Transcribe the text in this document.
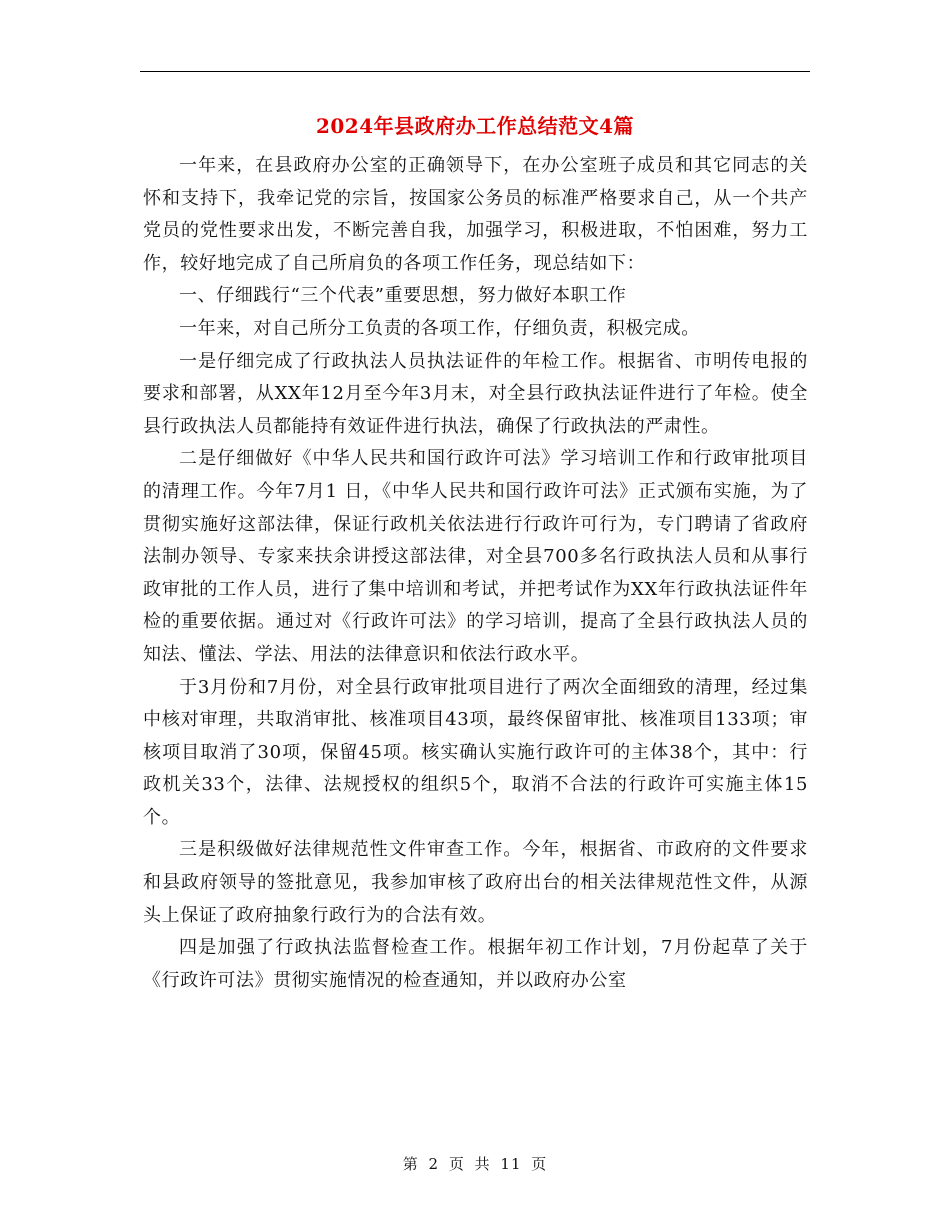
2024年县政府办工作总结范文4篇

一年来，在县政府办公室的正确领导下，在办公室班子成员和其它同志的关怀和支持下，我牵记党的宗旨，按国家公务员的标准严格要求自己，从一个共产党员的党性要求出发，不断完善自我，加强学习，积极进取，不怕困难，努力工作，较好地完成了自己所肩负的各项工作任务，现总结如下：

一、仔细践行“三个代表”重要思想，努力做好本职工作

一年来，对自己所分工负责的各项工作，仔细负责，积极完成。

一是仔细完成了行政执法人员执法证件的年检工作。根据省、市明传电报的要求和部署，从XX年12月至今年3月末，对全县行政执法证件进行了年检。使全县行政执法人员都能持有效证件进行执法，确保了行政执法的严肃性。

二是仔细做好《中华人民共和国行政许可法》学习培训工作和行政审批项目的清理工作。今年7月1 日，《中华人民共和国行政许可法》正式颁布实施，为了贯彻实施好这部法律，保证行政机关依法进行行政许可行为，专门聘请了省政府法制办领导、专家来扶余讲授这部法律，对全县700多名行政执法人员和从事行政审批的工作人员，进行了集中培训和考试，并把考试作为XX年行政执法证件年检的重要依据。通过对《行政许可法》的学习培训，提高了全县行政执法人员的知法、懂法、学法、用法的法律意识和依法行政水平。

于3月份和7月份，对全县行政审批项目进行了两次全面细致的清理，经过集中核对审理，共取消审批、核准项目43项，最终保留审批、核准项目133项；审核项目取消了30项，保留45项。核实确认实施行政许可的主体38个，其中：行政机关33个，法律、法规授权的组织5个，取消不合法的行政许可实施主体15个。

三是积级做好法律规范性文件审查工作。今年，根据省、市政府的文件要求和县政府领导的签批意见，我参加审核了政府出台的相关法律规范性文件，从源头上保证了政府抽象行政行为的合法有效。

四是加强了行政执法监督检查工作。根据年初工作计划，7月份起草了关于《行政许可法》贯彻实施情况的检查通知，并以政府办公室

第 2 页 共 11 页
